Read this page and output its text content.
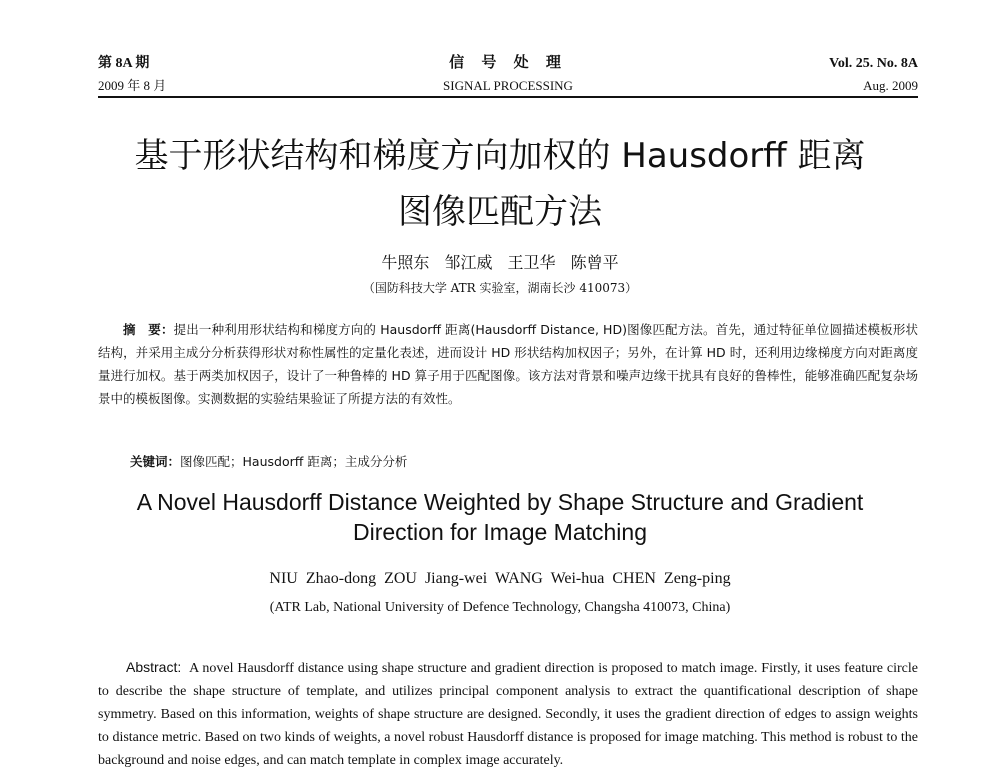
第 8A 期	信 号 处 理	Vol. 25. No. 8A
2009 年 8 月	SIGNAL PROCESSING	Aug. 2009
基于形状结构和梯度方向加权的 Hausdorff 距离
图像匹配方法
牛照东 邹江威 王卫华 陈曾平
（国防科技大学 ATR 实验室，湖南长沙 410073）

摘　要：提出一种利用形状结构和梯度方向的 Hausdorff 距离(Hausdorff Distance, HD)图像匹配方法。首先，通过特征单位圆描述模板形状结构，并采用主成分分析获得形状对称性属性的定量化表述，进而设计 HD 形状结构加权因子；另外，在计算 HD 时，还利用边缘梯度方向对距离度量进行加权。基于两类加权因子，设计了一种鲁棒的 HD 算子用于匹配图像。该方法对背景和噪声边缘干扰具有良好的鲁棒性，能够准确匹配复杂场景中的模板图像。实测数据的实验结果验证了所提方法的有效性。

关键词：图像匹配；Hausdorff 距离；主成分分析
A Novel Hausdorff Distance Weighted by Shape Structure and Gradient
Direction for Image Matching
NIU Zhao-dong ZOU Jiang-wei WANG Wei-hua CHEN Zeng-ping
(ATR Lab, National University of Defence Technology, Changsha 410073, China)

Abstract: A novel Hausdorff distance using shape structure and gradient direction is proposed to match image. Firstly, it uses feature circle to describe the shape structure of template, and utilizes principal component analysis to extract the quantificational description of shape symmetry. Based on this information, weights of shape structure are designed. Secondly, it uses the gradient direction of edges to assign weights to distance metric. Based on two kinds of weights, a novel robust Hausdorff distance is proposed for image matching. This method is robust to the background and noise edges, and can match template in complex image accurately.
